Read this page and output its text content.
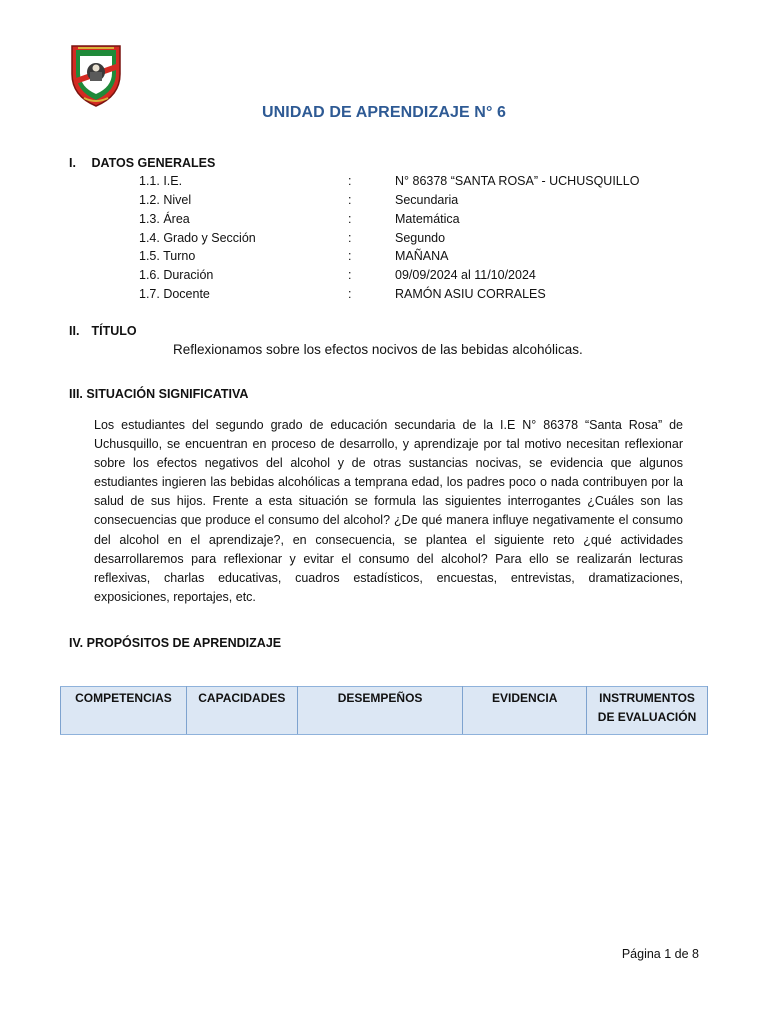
UNIDAD DE APRENDIZAJE N° 6
I. DATOS GENERALES
1.1. I.E.	:	N° 86378 “SANTA ROSA” - UCHUSQUILLO
1.2. Nivel	:	Secundaria
1.3. Área	:	Matemática
1.4. Grado y Sección	:	Segundo
1.5. Turno	:	MAÑANA
1.6. Duración	:	09/09/2024 al 11/10/2024
1.7. Docente	:	RAMÓN ASIU CORRALES
II. TÍTULO
Reflexionamos sobre los efectos nocivos de las bebidas alcohólicas.
III. SITUACIÓN SIGNIFICATIVA
Los estudiantes del segundo grado de educación secundaria de la I.E N° 86378 “Santa Rosa” de Uchusquillo, se encuentran en proceso de desarrollo, y aprendizaje por tal motivo necesitan reflexionar sobre los efectos negativos del alcohol y de otras sustancias nocivas, se evidencia que algunos estudiantes ingieren las bebidas alcohólicas a temprana edad, los padres poco o nada contribuyen por la salud de sus hijos. Frente a esta situación se formula las siguientes interrogantes ¿Cuáles son las consecuencias que produce el consumo del alcohol? ¿De qué manera influye negativamente el consumo del alcohol en el aprendizaje?, en consecuencia, se plantea el siguiente reto ¿qué actividades desarrollaremos para reflexionar y evitar el consumo del alcohol? Para ello se realizarán lecturas reflexivas, charlas educativas, cuadros estadísticos, encuestas, entrevistas, dramatizaciones, exposiciones, reportajes, etc.
IV. PROPÓSITOS DE APRENDIZAJE
COMPETENCIAS	CAPACIDADES	DESEMPEÑOS	EVIDENCIA	INSTRUMENTOS DE EVALUACIÓN
Página 1 de 8
